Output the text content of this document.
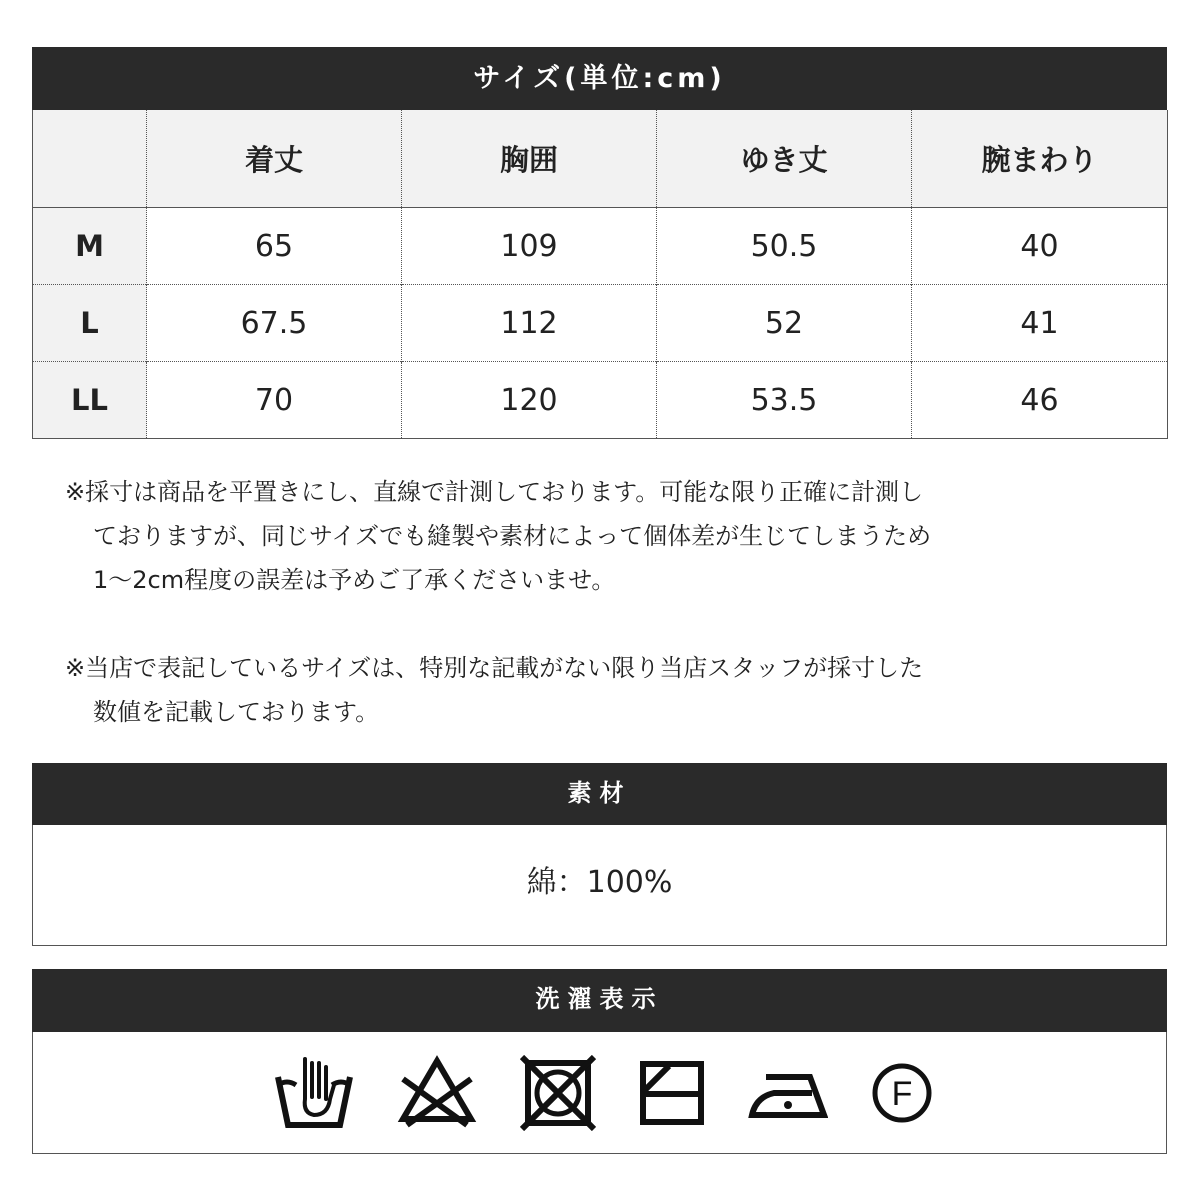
サイズ(単位:cm)
	着丈	胸囲	ゆき丈	腕まわり
M	65	109	50.5	40
L	67.5	112	52	41
LL	70	120	53.5	46

※採寸は商品を平置きにし、直線で計測しております。可能な限り正確に計測し

ておりますが、同じサイズでも縫製や素材によって個体差が生じてしまうため

1～2cm程度の誤差は予めご了承くださいませ。

※当店で表記しているサイズは、特別な記載がない限り当店スタッフが採寸した

数値を記載しております。

素材
綿：100%
洗濯表示
F
